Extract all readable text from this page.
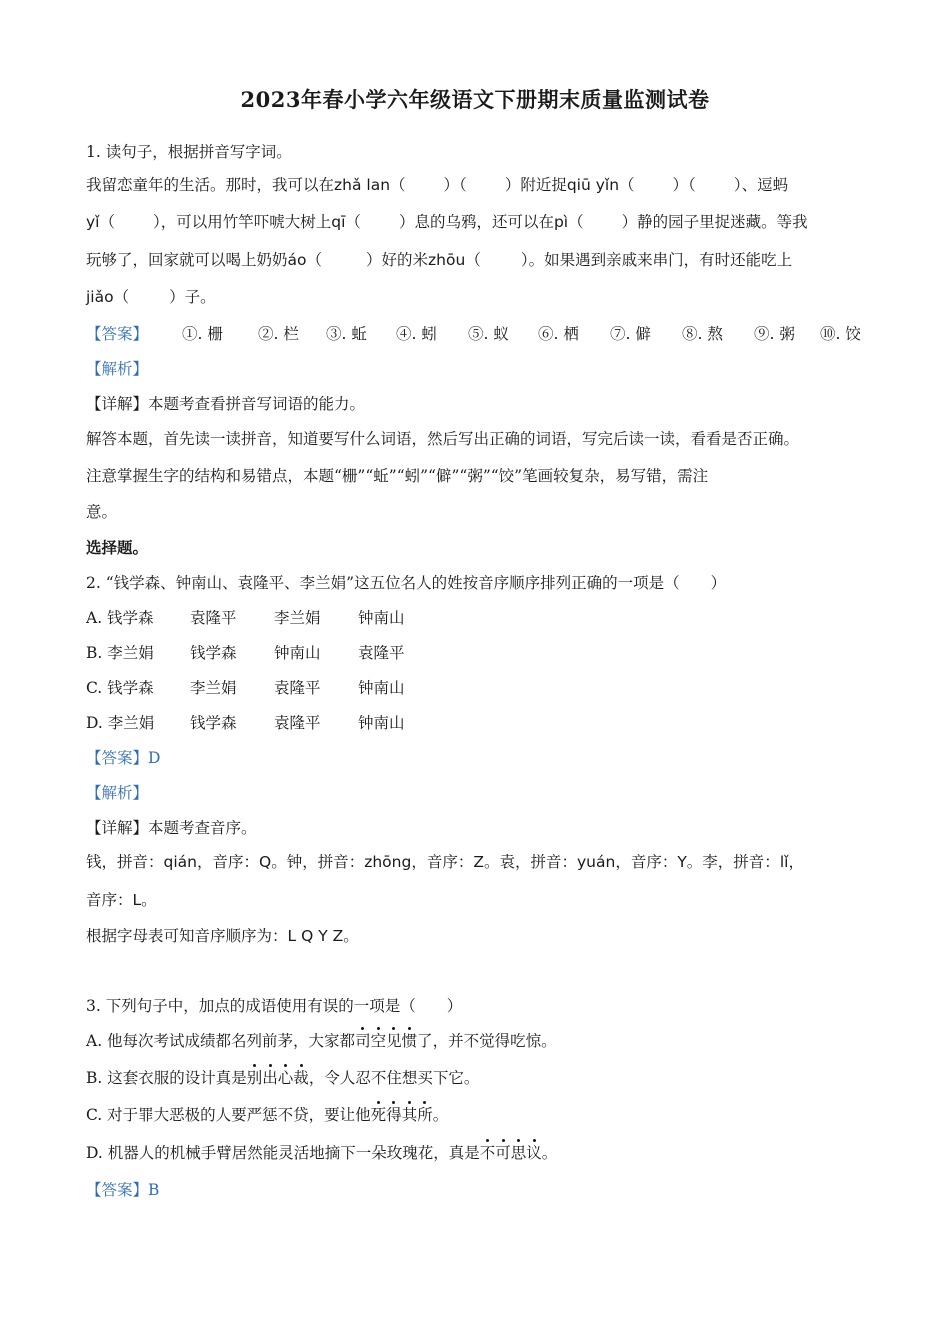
2023年春小学六年级语文下册期末质量监测试卷
1. 读句子，根据拼音写字词。
我留恋童年的生活。那时，我可以在zhǎ lan（ ）（ ）附近捉qiū yǐn（ ）（ ）、逗蚂
yǐ（ ），可以用竹竿吓唬大树上qī（ ）息的乌鸦，还可以在pì（ ）静的园子里捉迷藏。等我
玩够了，回家就可以喝上奶奶áo（	）好的米zhōu（	）。如果遇到亲戚来串门，有时还能吃上
jiǎo（	）子。
【答案】 ①. 栅 ②. 栏 ③. 蚯 ④. 蚓 ⑤. 蚁 ⑥. 栖 ⑦. 僻 ⑧. 熬 ⑨. 粥 ⑩. 饺
【解析】
【详解】本题考查看拼音写词语的能力。
解答本题，首先读一读拼音，知道要写什么词语，然后写出正确的词语，写完后读一读，看看是否正确。
注意掌握生字的结构和易错点，本题“栅”“蚯”“蚓”“僻”“粥”“饺”笔画较复杂，易写错，需注
意。
选择题。
2. “钱学森、钟南山、袁隆平、李兰娟”这五位名人的姓按音序顺序排列正确的一项是（　　）
A. 钱学森 袁隆平 李兰娟 钟南山
B. 李兰娟 钱学森 钟南山 袁隆平
C. 钱学森 李兰娟 袁隆平 钟南山
D. 李兰娟 钱学森 袁隆平 钟南山
【答案】D
【解析】
【详解】本题考查音序。
钱，拼音：qián，音序：Q。钟，拼音：zhōng，音序：Z。袁，拼音：yuán，音序：Y。李，拼音：lǐ，
音序：L。
根据字母表可知音序顺序为：L Q Y Z。
3. 下列句子中，加点的成语使用有误的一项是（　　）
A. 他每次考试成绩都名列前茅，大家都司空见惯了，并不觉得吃惊。
B. 这套衣服的设计真是别出心裁，令人忍不住想买下它。
C. 对于罪大恶极的人要严惩不贷，要让他死得其所。
D. 机器人的机械手臂居然能灵活地摘下一朵玫瑰花，真是不可思议。
【答案】B
